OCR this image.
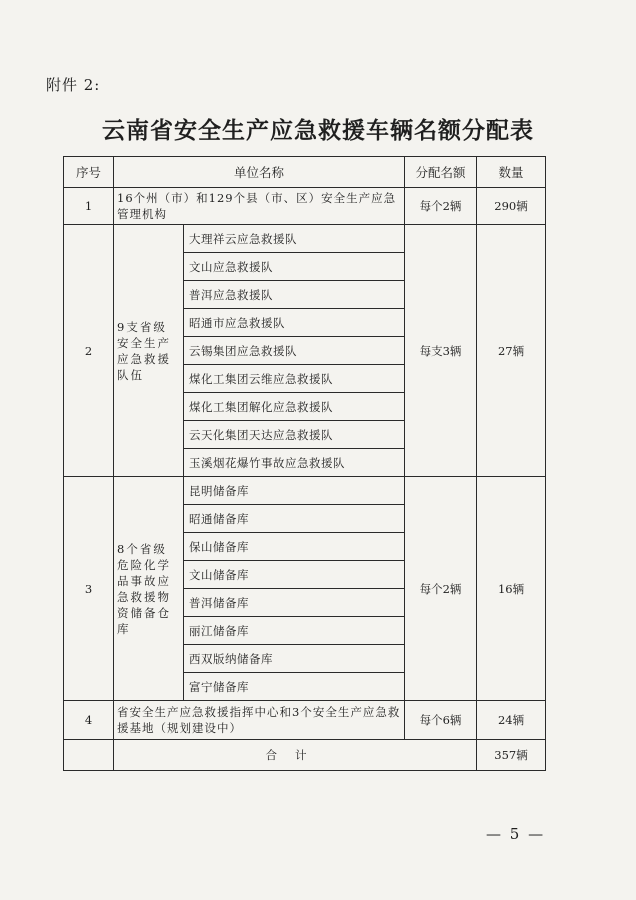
附件 2:
云南省安全生产应急救援车辆名额分配表
序号	单位名称		分配名额	数量
1	16个州（市）和129个县（市、区）安全生产应急管理机构		每个2辆	290辆
2	9支省级安全生产应急救援队伍	大理祥云应急救援队	每支3辆	27辆
		文山应急救援队		
		普洱应急救援队		
		昭通市应急救援队		
		云锡集团应急救援队		
		煤化工集团云维应急救援队		
		煤化工集团解化应急救援队		
		云天化集团天达应急救援队		
		玉溪烟花爆竹事故应急救援队		
3	8个省级危险化学品事故应急救援物资储备仓库	昆明储备库	每个2辆	16辆
		昭通储备库		
		保山储备库		
		文山储备库		
		普洱储备库		
		丽江储备库		
		西双版纳储备库		
		富宁储备库		
4	省安全生产应急救援指挥中心和3个安全生产应急救援基地（规划建设中）		每个6辆	24辆
	合计			357辆
— 5 —
